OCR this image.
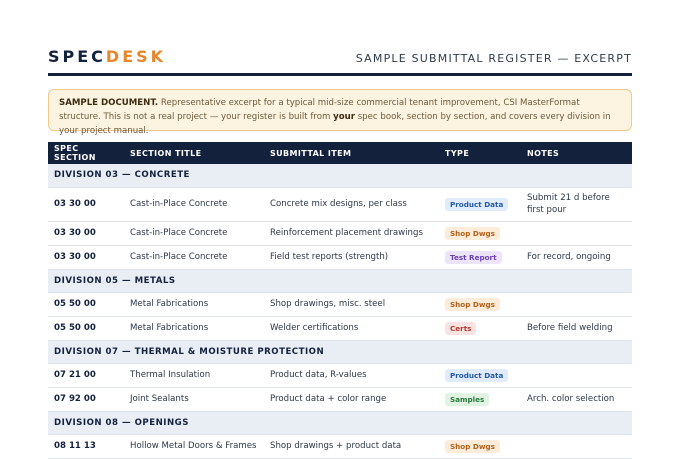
SPECDESK	SAMPLE SUBMITTAL REGISTER — EXCERPT
SAMPLE DOCUMENT. Representative excerpt for a typical mid-size commercial tenant improvement, CSI MasterFormat structure. This is not a real project — your register is built from your spec book, section by section, and covers every division in your project manual.
SPEC SECTION	SECTION TITLE	SUBMITTAL ITEM	TYPE	NOTES
DIVISION 03 — CONCRETE				
03 30 00	Cast-in-Place Concrete	Concrete mix designs, per class	Product Data	Submit 21 d before first pour
03 30 00	Cast-in-Place Concrete	Reinforcement placement drawings	Shop Dwgs	
03 30 00	Cast-in-Place Concrete	Field test reports (strength)	Test Report	For record, ongoing
DIVISION 05 — METALS				
05 50 00	Metal Fabrications	Shop drawings, misc. steel	Shop Dwgs	
05 50 00	Metal Fabrications	Welder certifications	Certs	Before field welding
DIVISION 07 — THERMAL & MOISTURE PROTECTION				
07 21 00	Thermal Insulation	Product data, R-values	Product Data	
07 92 00	Joint Sealants	Product data + color range	Samples	Arch. color selection
DIVISION 08 — OPENINGS				
08 11 13	Hollow Metal Doors & Frames	Shop drawings + product data	Shop Dwgs	
